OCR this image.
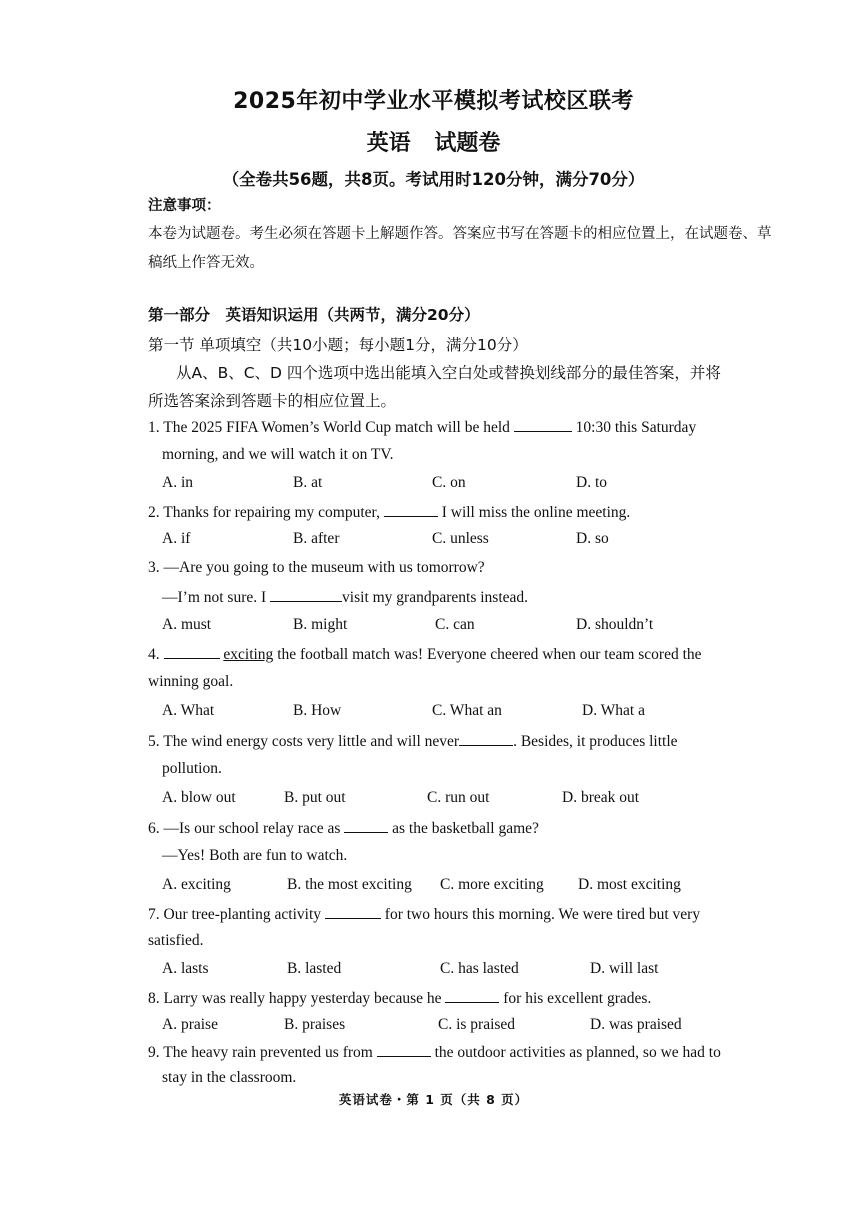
2025年初中学业水平模拟考试校区联考
英语 试题卷
（全卷共56题，共8页。考试用时120分钟，满分70分）
注意事项：
本卷为试题卷。考生必须在答题卡上解题作答。答案应书写在答题卡的相应位置上，在试题卷、草
稿纸上作答无效。
第一部分　英语知识运用（共两节，满分20分）
第一节 单项填空（共10小题；每小题1分，满分10分）
从A、B、C、D 四个选项中选出能填入空白处或替换划线部分的最佳答案，并将
所选答案涂到答题卡的相应位置上。
1. The 2025 FIFA Women’s World Cup match will be held	10:30 this Saturday
morning, and we will watch it on TV.
A. in	B. at	C. on	D. to
2. Thanks for repairing my computer,	I will miss the online meeting.
A. if	B. after	C. unless	D. so
3. —Are you going to the museum with us tomorrow?
—I’m not sure. I	visit my grandparents instead.
A. must	B. might	C. can	D. shouldn’t
4.	exciting the football match was! Everyone cheered when our team scored the
winning goal.
A. What	B. How	C. What an	D. What a
5. The wind energy costs very little and will never	. Besides, it produces little
pollution.
A. blow out	B. put out	C. run out	D. break out
6. —Is our school relay race as	as the basketball game?
—Yes! Both are fun to watch.
A. exciting	B. the most exciting C. more exciting D. most exciting
7. Our tree-planting activity	for two hours this morning. We were tired but very
satisfied.
A. lasts	B. lasted	C. has lasted	D. will last
8. Larry was really happy yesterday because he	for his excellent grades.
A. praise	B. praises	C. is praised	D. was praised
9. The heavy rain prevented us from	the outdoor activities as planned, so we had to
stay in the classroom.
英语试卷・第 1 页（共 8 页）
